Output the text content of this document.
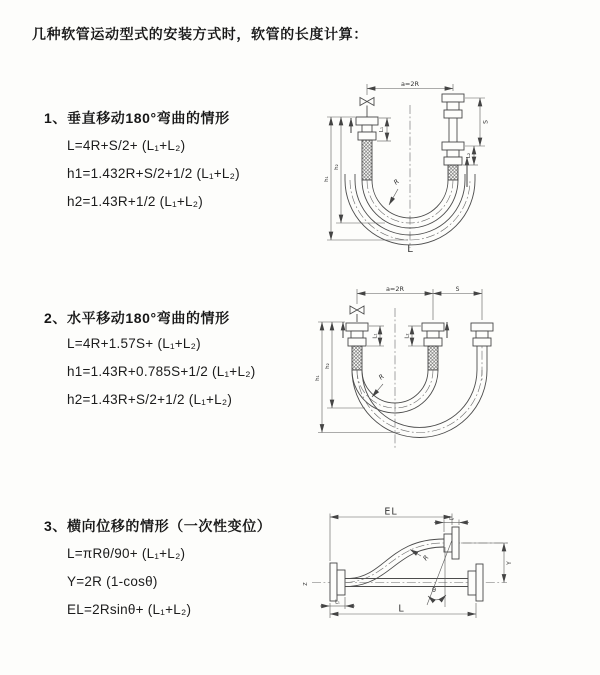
几种软管运动型式的安装方式时，软管的长度计算：
1、垂直移动180°弯曲的情形
L=4R+S/2+ (L₁+L₂)
h1=1.432R+S/2+1/2 (L₁+L₂)
h2=1.43R+1/2 (L₁+L₂)
2、水平移动180°弯曲的情形
L=4R+1.57S+ (L₁+L₂)
h1=1.43R+0.785S+1/2 (L₁+L₂)
h2=1.43R+S/2+1/2 (L₁+L₂)
3、横向位移的情形（一次性变位）
L=πRθ/90+ (L₁+L₂)
Y=2R (1-cosθ)
EL=2Rsinθ+ (L₁+L₂)
a=2R
S
L₂
L₁
h₁
h₂
R
L
a=2R	S
L₁	L₂
h₁
h₂
R
Z
EL
L₂
Y
θ
R
L₁
L
